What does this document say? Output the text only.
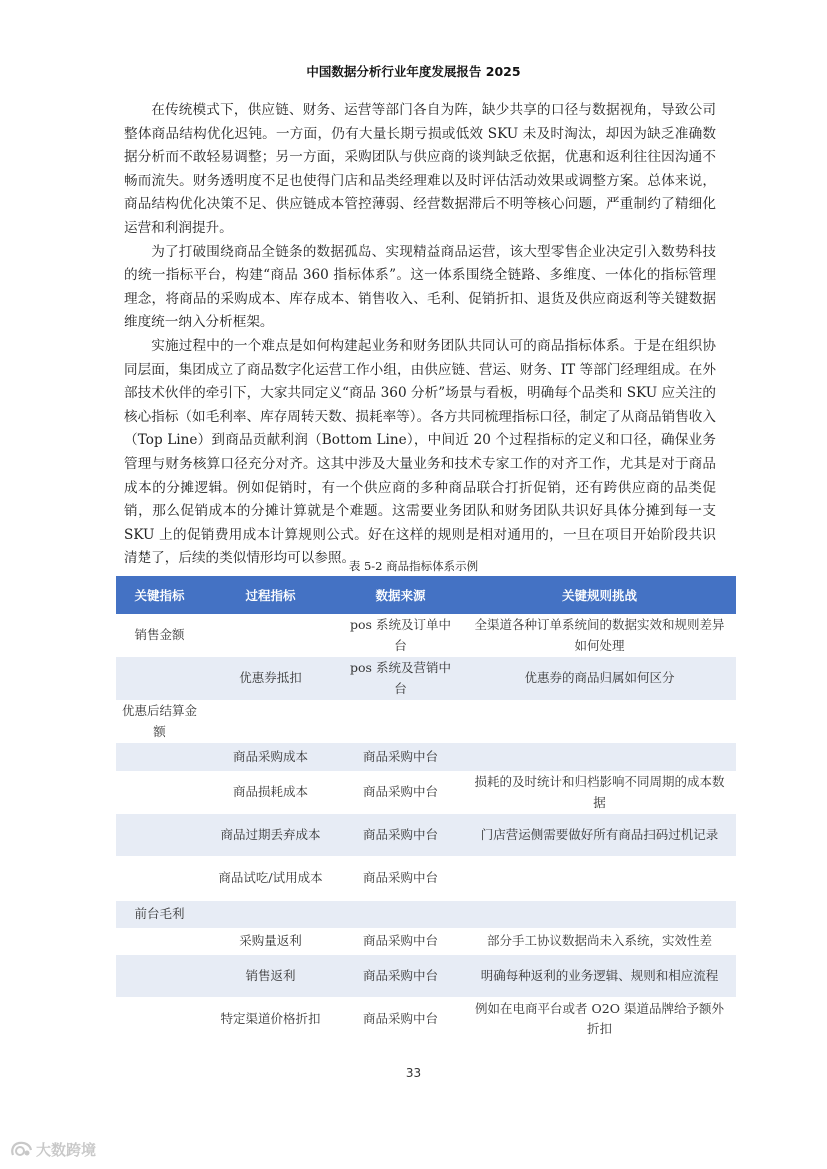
中国数据分析行业年度发展报告 2025

在传统模式下，供应链、财务、运营等部门各自为阵，缺少共享的口径与数据视角，导致公司整体商品结构优化迟钝。一方面，仍有大量长期亏损或低效 SKU 未及时淘汰，却因为缺乏准确数据分析而不敢轻易调整；另一方面，采购团队与供应商的谈判缺乏依据，优惠和返利往往因沟通不畅而流失。财务透明度不足也使得门店和品类经理难以及时评估活动效果或调整方案。总体来说，商品结构优化决策不足、供应链成本管控薄弱、经营数据滞后不明等核心问题，严重制约了精细化运营和利润提升。

为了打破围绕商品全链条的数据孤岛、实现精益商品运营，该大型零售企业决定引入数势科技的统一指标平台，构建“商品 360 指标体系”。这一体系围绕全链路、多维度、一体化的指标管理理念，将商品的采购成本、库存成本、销售收入、毛利、促销折扣、退货及供应商返利等关键数据维度统一纳入分析框架。

实施过程中的一个难点是如何构建起业务和财务团队共同认可的商品指标体系。于是在组织协同层面，集团成立了商品数字化运营工作小组，由供应链、营运、财务、IT 等部门经理组成。在外部技术伙伴的牵引下，大家共同定义“商品 360 分析”场景与看板，明确每个品类和 SKU 应关注的核心指标（如毛利率、库存周转天数、损耗率等）。各方共同梳理指标口径，制定了从商品销售收入（Top Line）到商品贡献利润（Bottom Line），中间近 20 个过程指标的定义和口径，确保业务管理与财务核算口径充分对齐。这其中涉及大量业务和技术专家工作的对齐工作，尤其是对于商品成本的分摊逻辑。例如促销时，有一个供应商的多种商品联合打折促销，还有跨供应商的品类促销，那么促销成本的分摊计算就是个难题。这需要业务团队和财务团队共识好具体分摊到每一支 SKU 上的促销费用成本计算规则公式。好在这样的规则是相对通用的，一旦在项目开始阶段共识清楚了，后续的类似情形均可以参照。

表 5-2 商品指标体系示例
关键指标	过程指标	数据来源	关键规则挑战
销售金额		pos 系统及订单中台	全渠道各种订单系统间的数据实效和规则差异如何处理
	优惠券抵扣	pos 系统及营销中台	优惠券的商品归属如何区分
优惠后结算金额			
	商品采购成本	商品采购中台	
	商品损耗成本	商品采购中台	损耗的及时统计和归档影响不同周期的成本数据
	商品过期丢弃成本	商品采购中台	门店营运侧需要做好所有商品扫码过机记录
	商品试吃/试用成本	商品采购中台	
前台毛利			
	采购量返利	商品采购中台	部分手工协议数据尚未入系统，实效性差
	销售返利	商品采购中台	明确每种返利的业务逻辑、规则和相应流程
	特定渠道价格折扣	商品采购中台	例如在电商平台或者 O2O 渠道品牌给予额外折扣
33
大数跨境
